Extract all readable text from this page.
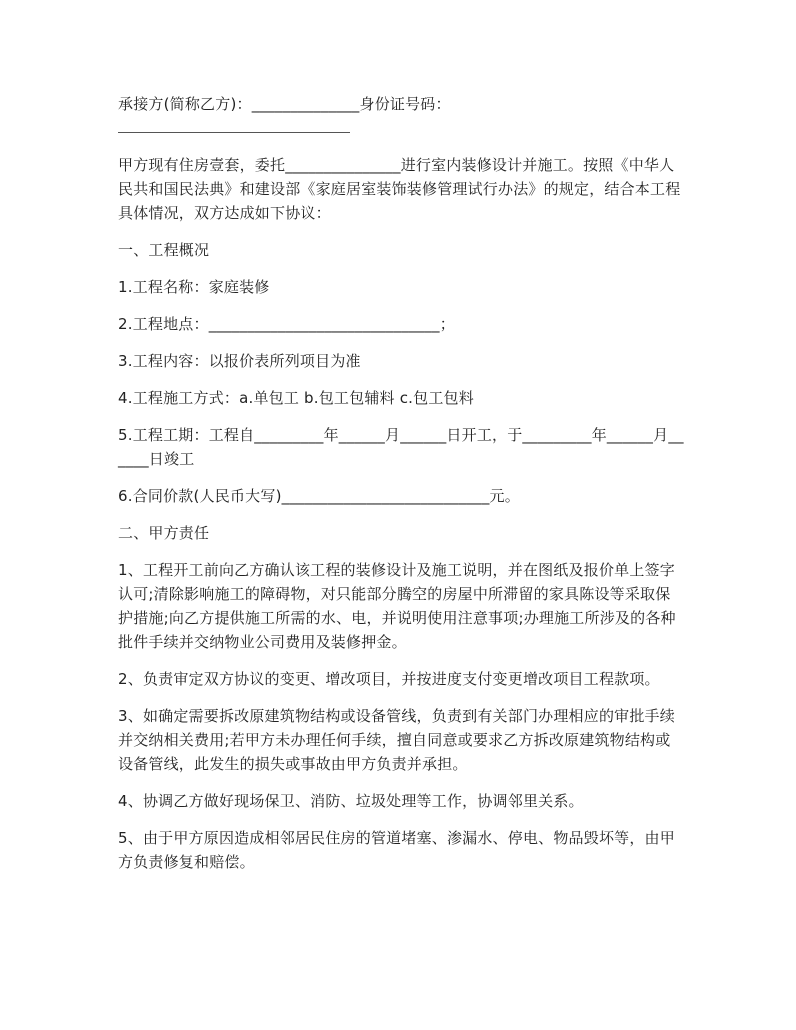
承接方(简称乙方)：______________身份证号码：

甲方现有住房壹套，委托_______________进行室内装修设计并施工。按照《中华人民共和国民法典》和建设部《家庭居室装饰装修管理试行办法》的规定，结合本工程具体情况，双方达成如下协议：

一、工程概况

1.工程名称：家庭装修

2.工程地点：______________________________；

3.工程内容：以报价表所列项目为准

4.工程施工方式：a.单包工 b.包工包辅料 c.包工包料

5.工程工期：工程自_________年______月______日开工，于_________年______月______日竣工

6.合同价款(人民币大写)___________________________元。

二、甲方责任

1、工程开工前向乙方确认该工程的装修设计及施工说明，并在图纸及报价单上签字认可;清除影响施工的障碍物，对只能部分腾空的房屋中所滞留的家具陈设等采取保护措施;向乙方提供施工所需的水、电，并说明使用注意事项;办理施工所涉及的各种批件手续并交纳物业公司费用及装修押金。

2、负责审定双方协议的变更、增改项目，并按进度支付变更增改项目工程款项。

3、如确定需要拆改原建筑物结构或设备管线，负责到有关部门办理相应的审批手续并交纳相关费用;若甲方未办理任何手续，擅自同意或要求乙方拆改原建筑物结构或设备管线，此发生的损失或事故由甲方负责并承担。

4、协调乙方做好现场保卫、消防、垃圾处理等工作，协调邻里关系。

5、由于甲方原因造成相邻居民住房的管道堵塞、渗漏水、停电、物品毁坏等，由甲方负责修复和赔偿。
